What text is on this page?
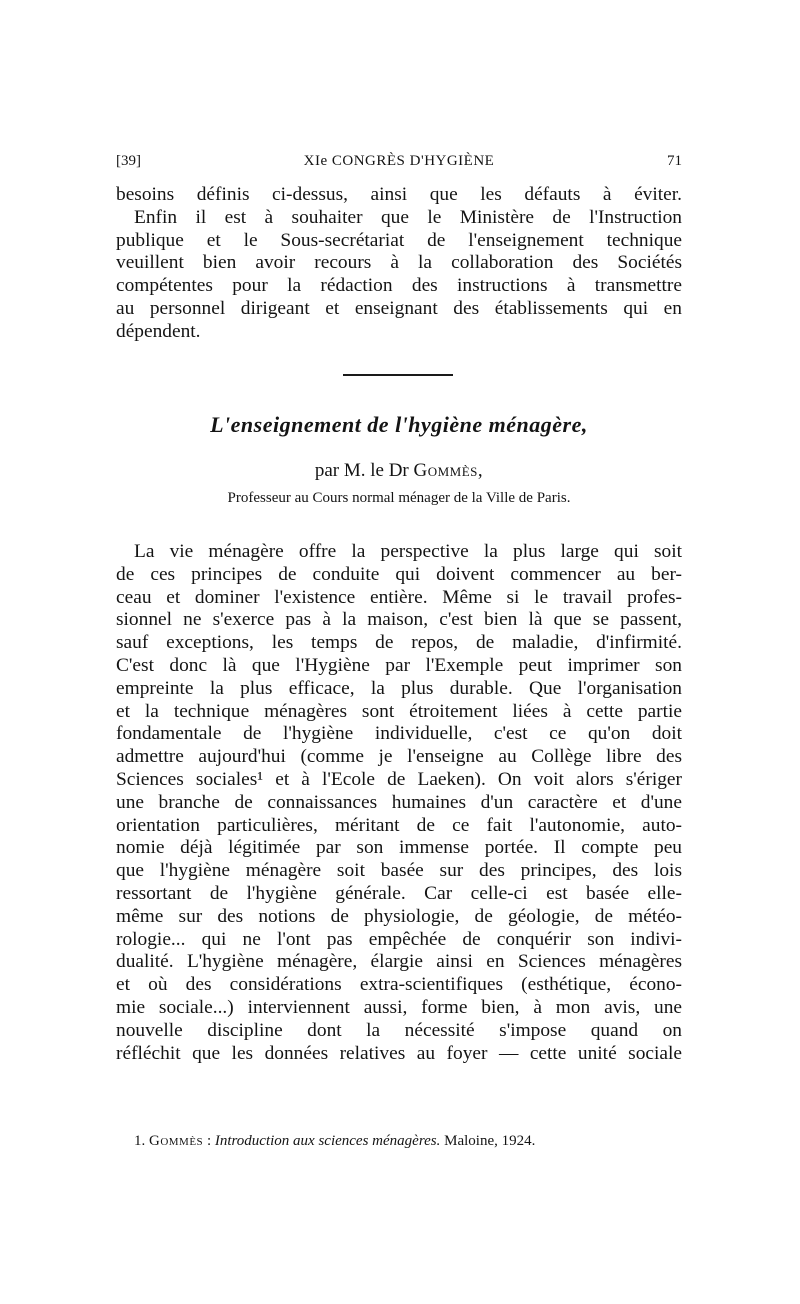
[39]	XIe CONGRÈS D'HYGIÈNE	71
besoins définis ci-dessus, ainsi que les défauts à éviter.
Enfin il est à souhaiter que le Ministère de l'Instruction
publique et le Sous-secrétariat de l'enseignement technique
veuillent bien avoir recours à la collaboration des Sociétés
compétentes pour la rédaction des instructions à transmettre
au personnel dirigeant et enseignant des établissements qui en
dépendent.
L'enseignement de l'hygiène ménagère,
par M. le Dr Gommès,
Professeur au Cours normal ménager de la Ville de Paris.
La vie ménagère offre la perspective la plus large qui soit
de ces principes de conduite qui doivent commencer au ber-
ceau et dominer l'existence entière. Même si le travail profes-
sionnel ne s'exerce pas à la maison, c'est bien là que se passent,
sauf exceptions, les temps de repos, de maladie, d'infirmité.
C'est donc là que l'Hygiène par l'Exemple peut imprimer son
empreinte la plus efficace, la plus durable. Que l'organisation
et la technique ménagères sont étroitement liées à cette partie
fondamentale de l'hygiène individuelle, c'est ce qu'on doit
admettre aujourd'hui (comme je l'enseigne au Collège libre des
Sciences sociales¹ et à l'Ecole de Laeken). On voit alors s'ériger
une branche de connaissances humaines d'un caractère et d'une
orientation particulières, méritant de ce fait l'autonomie, auto-
nomie déjà légitimée par son immense portée. Il compte peu
que l'hygiène ménagère soit basée sur des principes, des lois
ressortant de l'hygiène générale. Car celle-ci est basée elle-
même sur des notions de physiologie, de géologie, de météo-
rologie... qui ne l'ont pas empêchée de conquérir son indivi-
dualité. L'hygiène ménagère, élargie ainsi en Sciences ménagères
et où des considérations extra-scientifiques (esthétique, écono-
mie sociale...) interviennent aussi, forme bien, à mon avis, une
nouvelle discipline dont la nécessité s'impose quand on
réfléchit que les données relatives au foyer — cette unité sociale
1. Gommès : Introduction aux sciences ménagères. Maloine, 1924.
